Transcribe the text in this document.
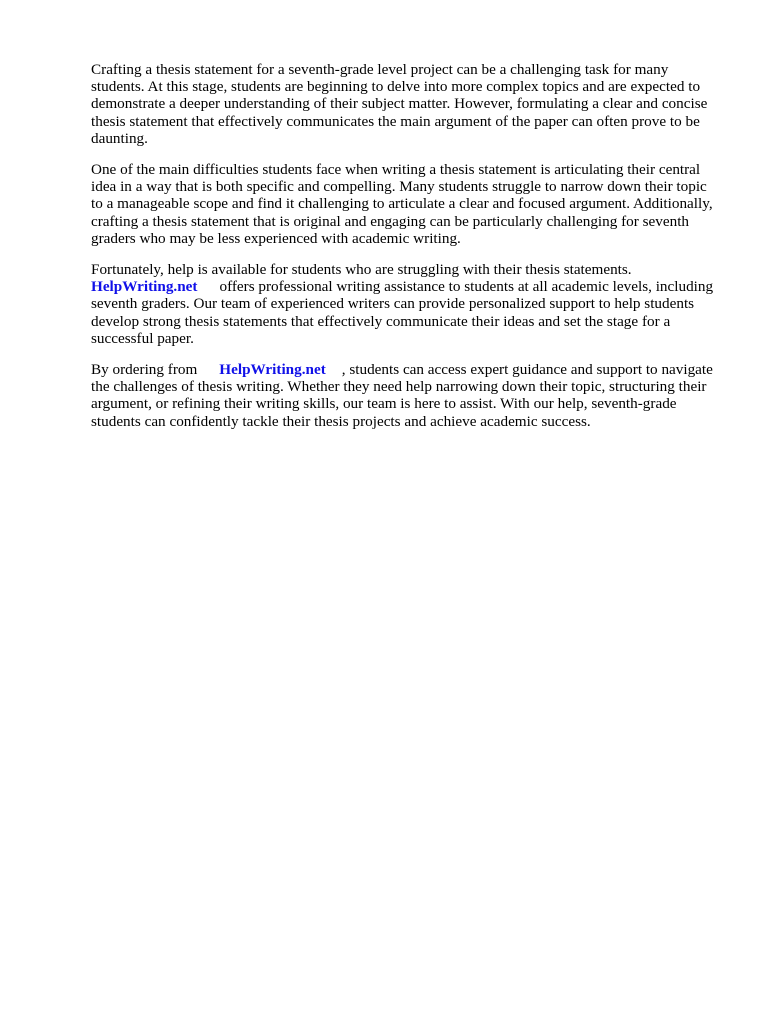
Crafting a thesis statement for a seventh-grade level project can be a challenging task for many students. At this stage, students are beginning to delve into more complex topics and are expected to demonstrate a deeper understanding of their subject matter. However, formulating a clear and concise thesis statement that effectively communicates the main argument of the paper can often prove to be daunting.

One of the main difficulties students face when writing a thesis statement is articulating their central idea in a way that is both specific and compelling. Many students struggle to narrow down their topic to a manageable scope and find it challenging to articulate a clear and focused argument. Additionally, crafting a thesis statement that is original and engaging can be particularly challenging for seventh graders who may be less experienced with academic writing.

Fortunately, help is available for students who are struggling with their thesis statements.
HelpWriting.net offers professional writing assistance to students at all academic levels, including seventh graders. Our team of experienced writers can provide personalized support to help students develop strong thesis statements that effectively communicate their ideas and set the stage for a successful paper.

By ordering from HelpWriting.net , students can access expert guidance and support to navigate the challenges of thesis writing. Whether they need help narrowing down their topic, structuring their argument, or refining their writing skills, our team is here to assist. With our help, seventh-grade students can confidently tackle their thesis projects and achieve academic success.
